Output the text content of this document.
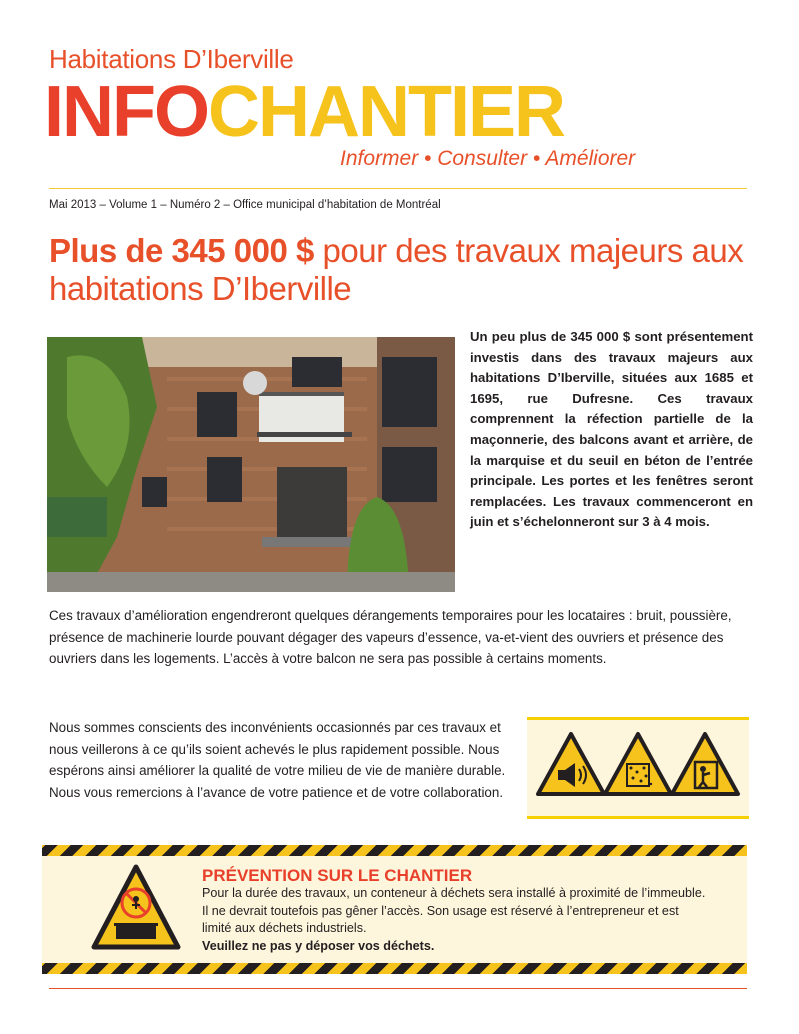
Habitations D’Iberville
INFOCHANTIER
Informer • Consulter • Améliorer
Mai 2013 – Volume 1 – Numéro 2 – Office municipal d’habitation de Montréal
Plus de 345 000 $ pour des travaux majeurs aux habitations D’Iberville
Un peu plus de 345 000 $ sont présentement investis dans des travaux majeurs aux habitations D’Iberville, situées aux 1685 et 1695, rue Dufresne. Ces travaux comprennent la réfection partielle de la maçonnerie, des balcons avant et arrière, de la marquise et du seuil en béton de l’entrée principale. Les portes et les fenêtres seront remplacées. Les travaux commenceront en juin et s’échelonneront sur 3 à 4 mois.
Ces travaux d’amélioration engendreront quelques dérangements temporaires pour les locataires : bruit, poussière, présence de machinerie lourde pouvant dégager des vapeurs d’essence, va-et-vient des ouvriers et présence des ouvriers dans les logements. L’accès à votre balcon ne sera pas possible à certains moments.
Nous sommes conscients des inconvénients occasionnés par ces travaux et nous veillerons à ce qu’ils soient achevés le plus rapidement possible. Nous espérons ainsi améliorer la qualité de votre milieu de vie de manière durable. Nous vous remercions à l’avance de votre patience et de votre collaboration.
PRÉVENTION SUR LE CHANTIER
Pour la durée des travaux, un conteneur à déchets sera installé à proximité de l’immeuble. Il ne devrait toutefois pas gêner l’accès. Son usage est réservé à l’entrepreneur et est limité aux déchets industriels.
Veuillez ne pas y déposer vos déchets.
